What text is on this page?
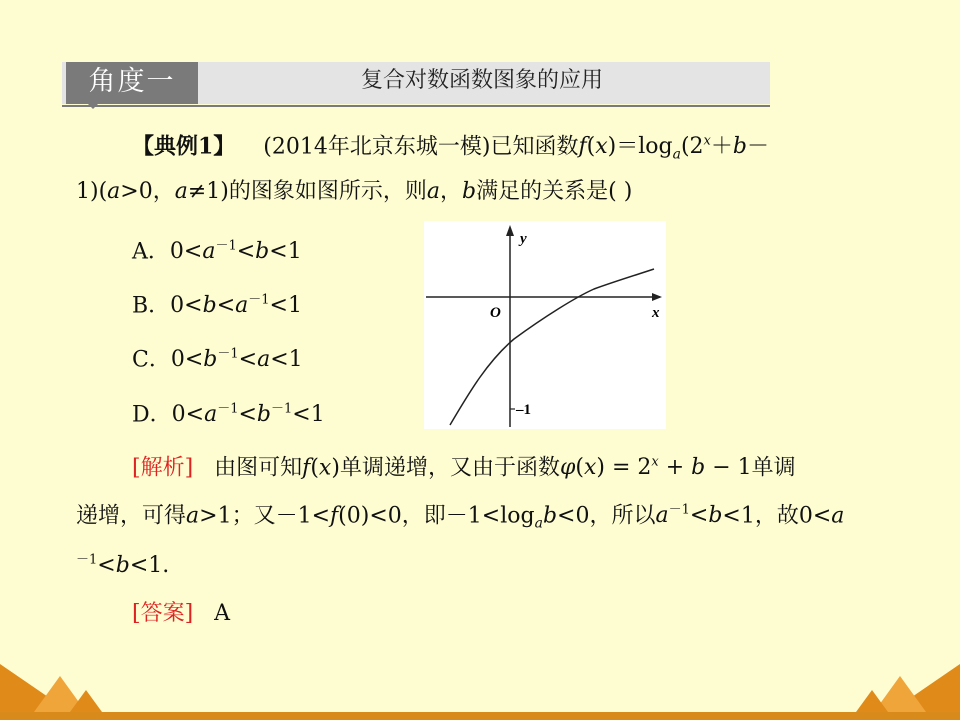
角度一	复合对数函数图象的应用
【典例1】 (2014年北京东城一模)已知函数$f(x)=\log_a(2^x+b-$
1)(a>0，a≠1)的图象如图所示，则a，b满足的关系是( )
A．$0<a^{-1}<b<1$
B．$0<b<a^{-1}<1$
C．$0<b^{-1}<a<1$
D．$0<a^{-1}<b^{-1}<1$
y
x
O
–1
[解析] 由图可知f(x)单调递增，又由于函数$\varphi(x) = 2^x + b - 1$单调
递增，可得a>1；又－1<f(0)<0，即$-1<\log_ab<0$，所以$a^{-1}<b<1$，故0<a
$^{-1}$<b<1.
[答案] A
